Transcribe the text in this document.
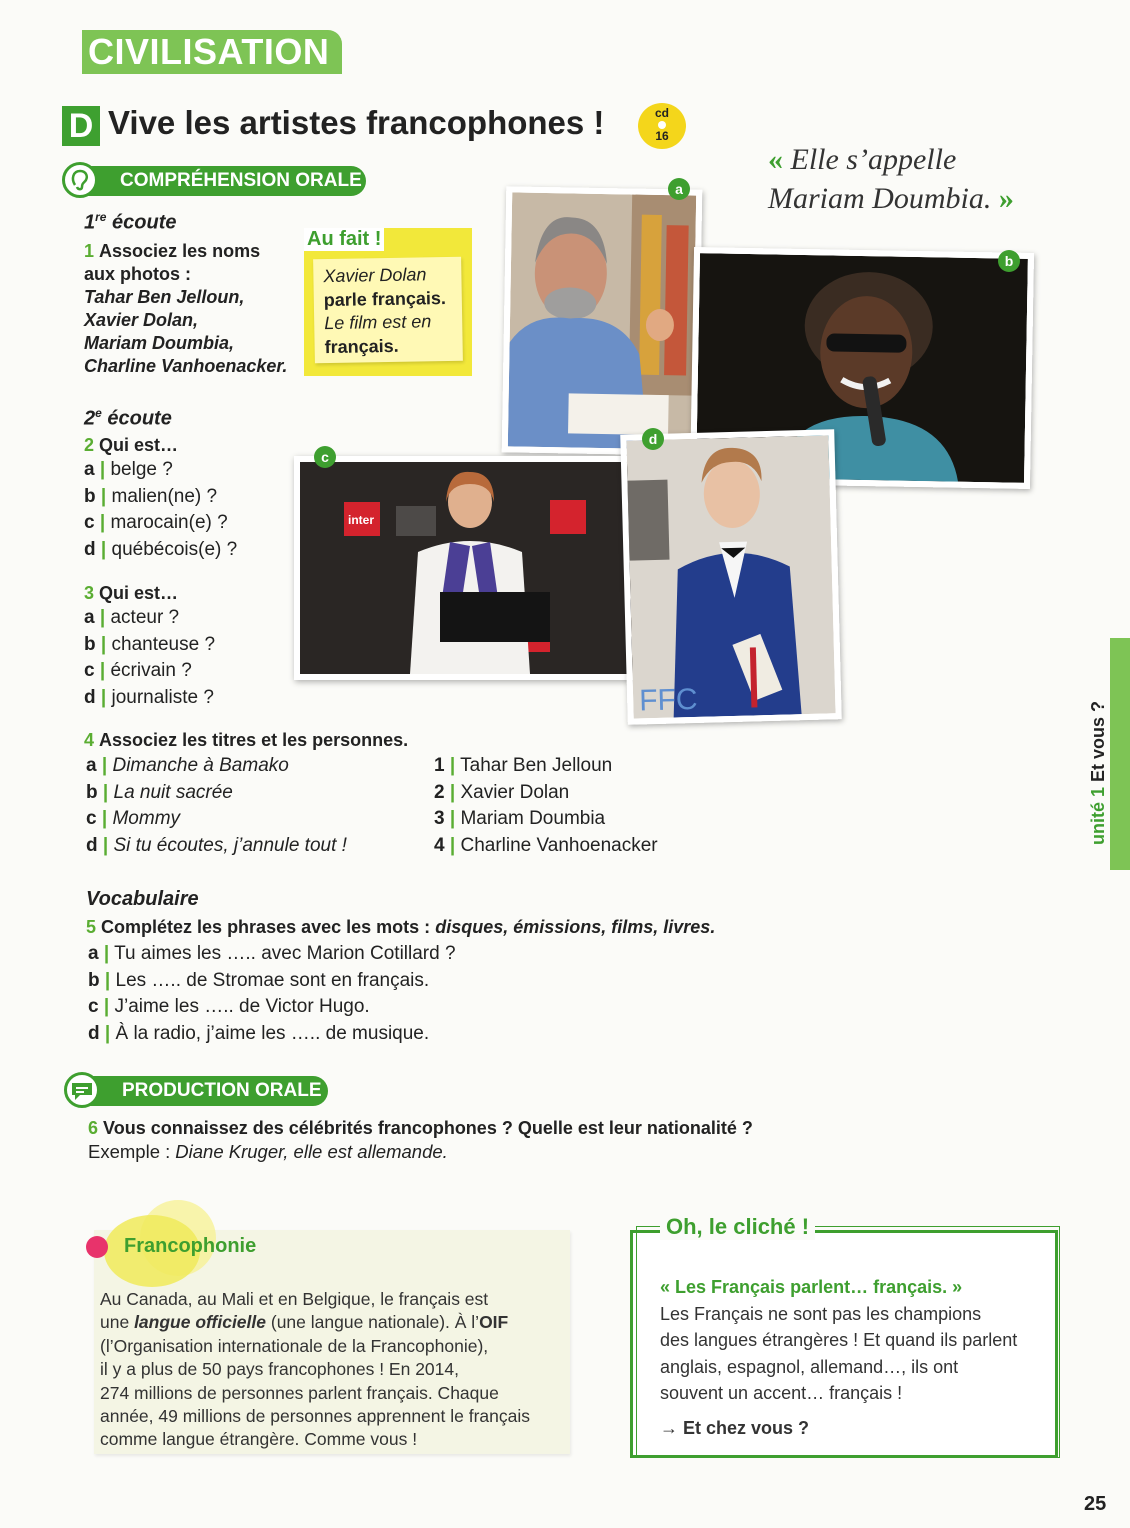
CIVILISATION
D Vive les artistes francophones !	cd
16
COMPRÉHENSION ORALE
1re écoute
1 Associez les noms
aux photos :
Tahar Ben Jelloun,
Xavier Dolan,
Mariam Doumbia,
Charline Vanhoenacker.
Au fait !
Xavier Dolan
parle français.
Le film est en
français.
2e écoute
2 Qui est…
a | belge ?
b | malien(ne) ?
c | marocain(e) ?
d | québécois(e) ?
3 Qui est…
a | acteur ?
b | chanteuse ?
c | écrivain ?
d | journaliste ?
4 Associez les titres et les personnes.
a | Dimanche à Bamako
b | La nuit sacrée
c | Mommy
d | Si tu écoutes, j’annule tout !
1 | Tahar Ben Jelloun
2 | Xavier Dolan
3 | Mariam Doumbia
4 | Charline Vanhoenacker
« Elle s’appelle
Mariam Doumbia. »
a
b
inter
c
FFC
d
unité 1 Et vous ?
Vocabulaire
5 Complétez les phrases avec les mots : disques, émissions, films, livres.
a | Tu aimes les ….. avec Marion Cotillard ?
b | Les ….. de Stromae sont en français.
c | J’aime les ….. de Victor Hugo.
d | À la radio, j’aime les ….. de musique.
PRODUCTION ORALE
6 Vous connaissez des célébrités francophones ? Quelle est leur nationalité ?
Exemple : Diane Kruger, elle est allemande.
Francophonie
Au Canada, au Mali et en Belgique, le français est
une langue officielle (une langue nationale). À l’OIF
(l’Organisation internationale de la Francophonie),
il y a plus de 50 pays francophones ! En 2014,
274 millions de personnes parlent français. Chaque
année, 49 millions de personnes apprennent le français
comme langue étrangère. Comme vous !
Oh, le cliché !
« Les Français parlent… français. »
Les Français ne sont pas les champions
des langues étrangères ! Et quand ils parlent
anglais, espagnol, allemand…, ils ont
souvent un accent… français !
→ Et chez vous ?
25
